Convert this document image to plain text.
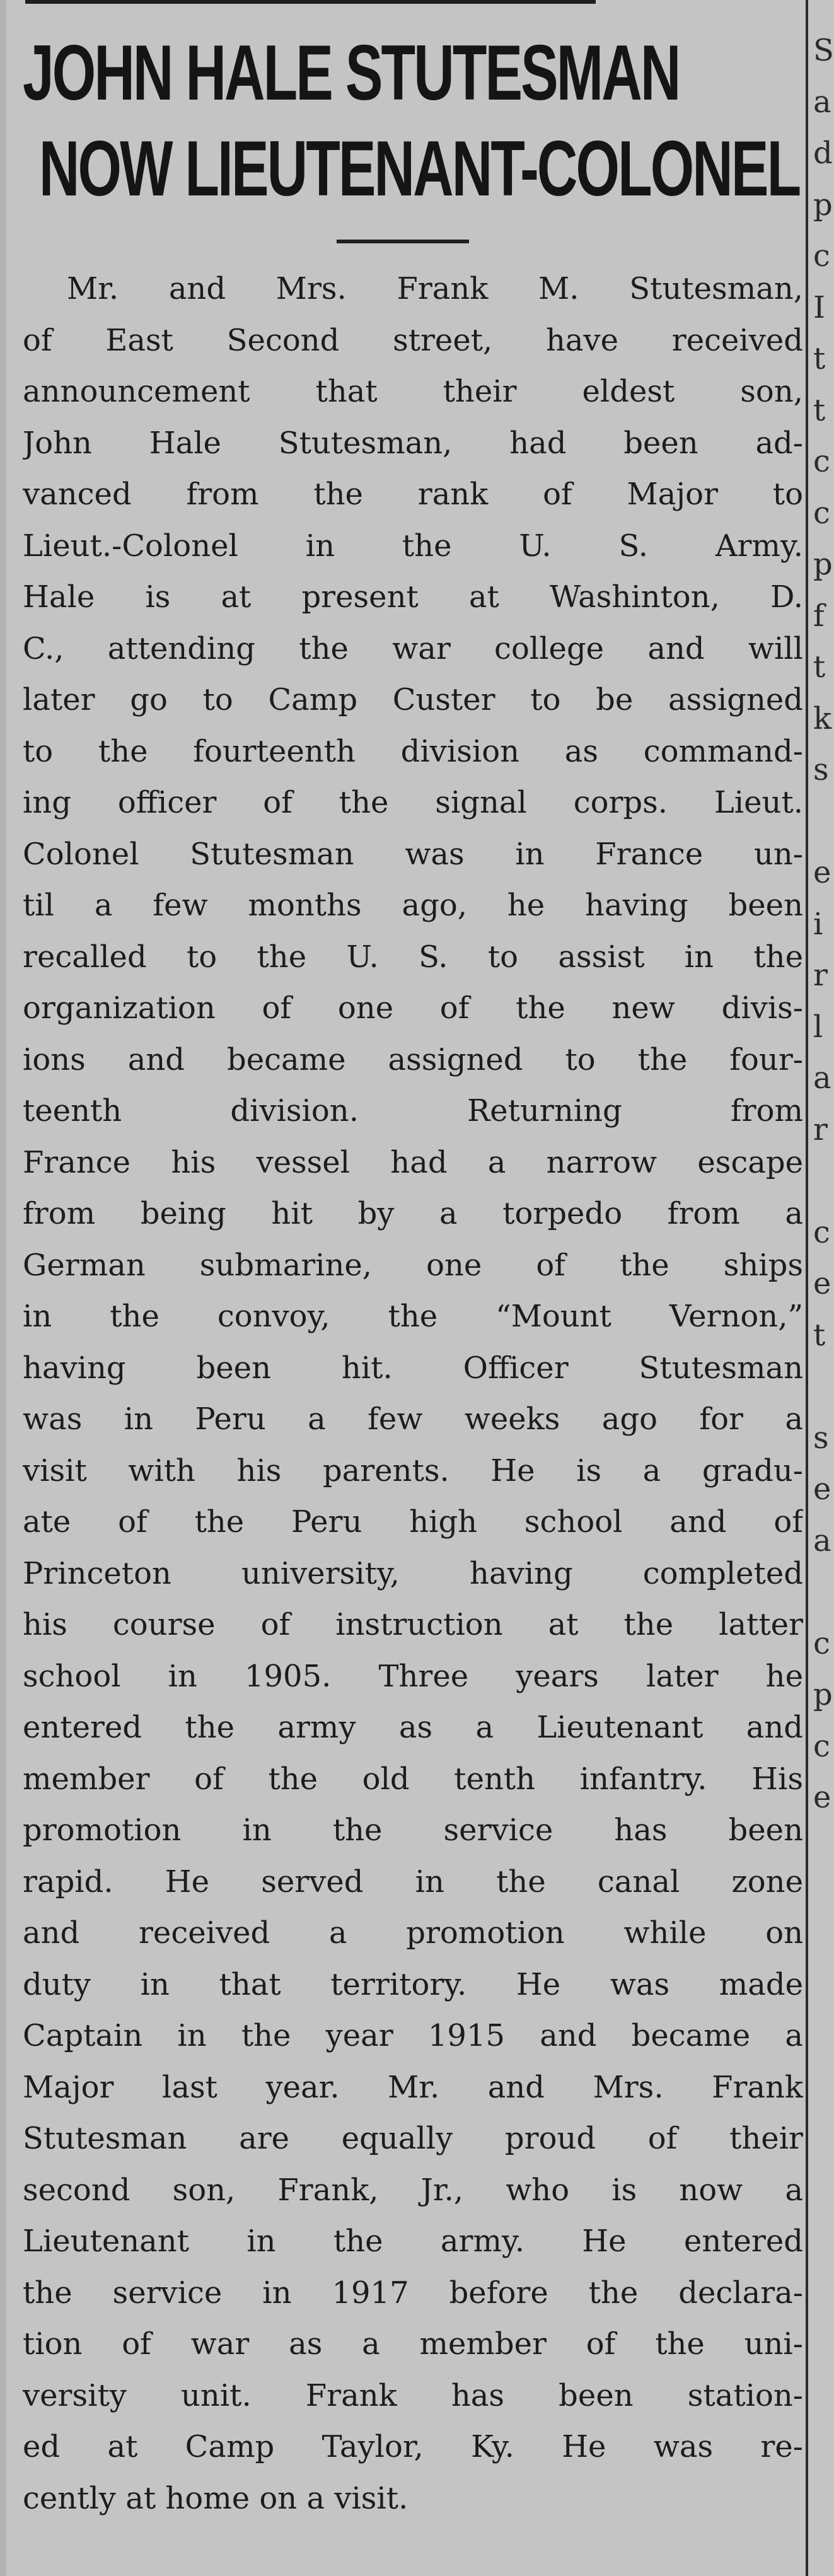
JOHN HALE STUTESMAN
NOW LIEUTENANT-COLONEL
Mr. and Mrs. Frank M. Stutesman,
of East Second street, have received
announcement that their eldest son,
John Hale Stutesman, had been ad-
vanced from the rank of Major to
Lieut.-Colonel in the U. S. Army.
Hale is at present at Washinton, D.
C., attending the war college and will
later go to Camp Custer to be assigned
to the fourteenth division as command-
ing officer of the signal corps. Lieut.
Colonel Stutesman was in France un-
til a few months ago, he having been
recalled to the U. S. to assist in the
organization of one of the new divis-
ions and became assigned to the four-
teenth division. Returning from
France his vessel had a narrow escape
from being hit by a torpedo from a
German submarine, one of the ships
in the convoy, the “Mount Vernon,”
having been hit. Officer Stutesman
was in Peru a few weeks ago for a
visit with his parents. He is a gradu-
ate of the Peru high school and of
Princeton university, having completed
his course of instruction at the latter
school in 1905. Three years later he
entered the army as a Lieutenant and
member of the old tenth infantry. His
promotion in the service has been
rapid. He served in the canal zone
and received a promotion while on
duty in that territory. He was made
Captain in the year 1915 and became a
Major last year. Mr. and Mrs. Frank
Stutesman are equally proud of their
second son, Frank, Jr., who is now a
Lieutenant in the army. He entered
the service in 1917 before the declara-
tion of war as a member of the uni-
versity unit. Frank has been station-
ed at Camp Taylor, Ky. He was re-
cently at home on a visit.
S
a
d
p
c
I
t
t
c
c
p
f
t
k
s

e
i
r
l
a
r

c
e
t

s
e
a

c
p
c
e
